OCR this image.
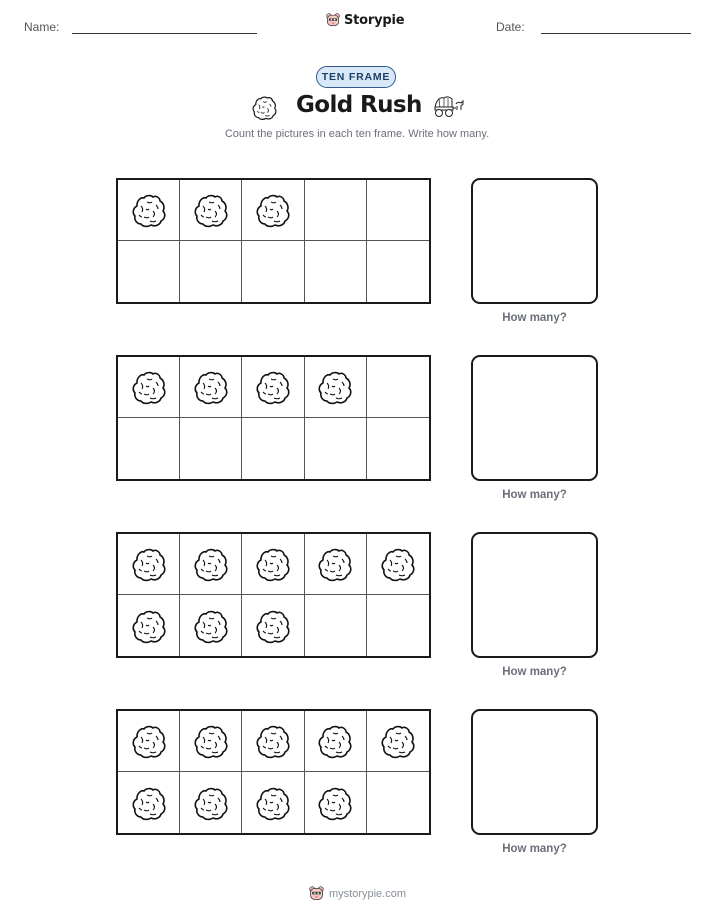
Name:	Storypie	Date:
TEN FRAME
Gold Rush
Count the pictures in each ten frame. Write how many.
How many?
How many?
How many?
How many?
mystorypie.com
